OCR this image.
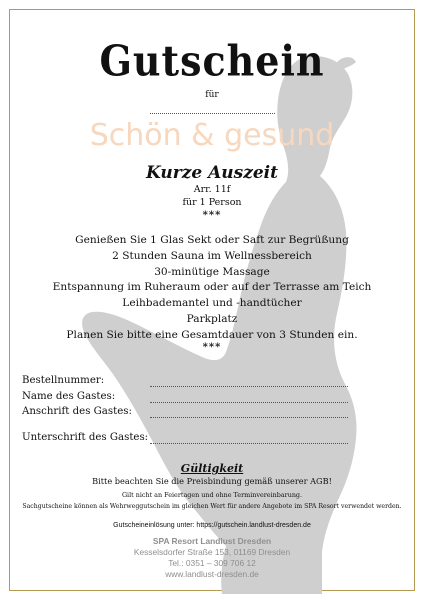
Gutschein
für
Schön & gesund
Kurze Auszeit
Arr. 11f
für 1 Person
***
Genießen Sie 1 Glas Sekt oder Saft zur Begrüßung
2 Stunden Sauna im Wellnessbereich
30-minütige Massage
Entspannung im Ruheraum oder auf der Terrasse am Teich
Leihbademantel und -handtücher
Parkplatz
Planen Sie bitte eine Gesamtdauer von 3 Stunden ein.
***
Bestellnummer:
Name des Gastes:
Anschrift des Gastes:
Unterschrift des Gastes:
Gültigkeit
Bitte beachten Sie die Preisbindung gemäß unserer AGB!
Gilt nicht an Feiertagen und ohne Terminvereinbarung.
Sachgutscheine können als Wehrweggutschein im gleichen Wert für andere Angebote im SPA Resort verwendet werden.
Gutscheineinlösung unter: https://gutschein.landlust-dresden.de
SPA Resort Landlust Dresden
Kesselsdorfer Straße 153, 01169 Dresden
Tel.: 0351 – 309 706 12
www.landlust-dresden.de
